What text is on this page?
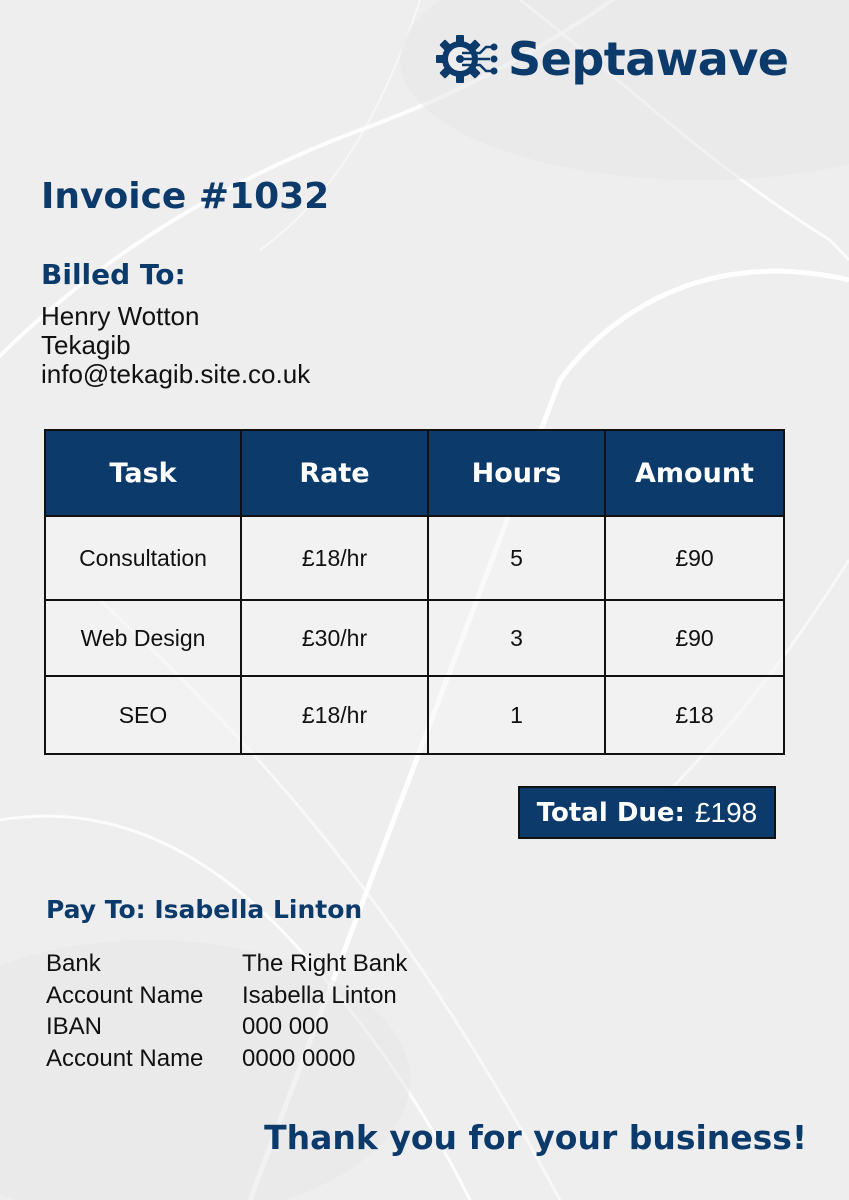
Septawave
Invoice #1032
Billed To:
Henry Wotton
Tekagib
info@tekagib.site.co.uk
Task	Rate	Hours	Amount
Consultation	£18/hr	5	£90
Web Design	£30/hr	3	£90
SEO	£18/hr	1	£18
Total Due: £198
Pay To: Isabella Linton
Bank	The Right Bank
Account Name	Isabella Linton
IBAN	000 000
Account Name	0000 0000
Thank you for your business!
